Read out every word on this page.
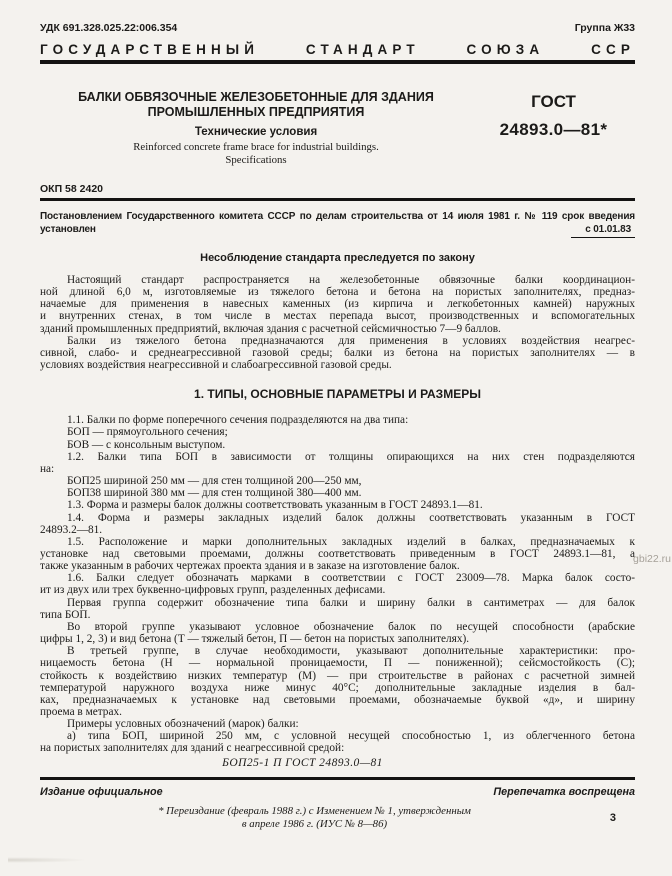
УДК 691.328.025.22:006.354	Группа Ж33
ГОСУДАРСТВЕННЫЙ	СТАНДАРТ	СОЮЗА	ССР
БАЛКИ ОБВЯЗОЧНЫЕ ЖЕЛЕЗОБЕТОННЫЕ ДЛЯ ЗДАНИЯ
ПРОМЫШЛЕННЫХ ПРЕДПРИЯТИЯ
Технические условия
Reinforced concrete frame brace for industrial buildings.
Specifications
ГОСТ
24893.0—81*
ОКП 58 2420
Постановлением Государственного комитета СССР по делам строительства от 14 июля 1981 г. № 119 срок введения
установлен	с 01.01.83
Несоблюдение стандарта преследуется по закону
Настоящий стандарт распространяется на железобетонные обвязочные балки координацион-
ной длиной 6,0 м, изготовляемые из тяжелого бетона и бетона на пористых заполнителях, предназ-
начаемые для применения в навесных каменных (из кирпича и легкобетонных камней) наружных
и внутренних стенах, в том числе в местах перепада высот, производственных и вспомогательных
зданий промышленных предприятий, включая здания с расчетной сейсмичностью 7—9 баллов.
Балки из тяжелого бетона предназначаются для применения в условиях воздействия неагрес-
сивной, слабо- и среднеагрессивной газовой среды; балки из бетона на пористых заполнителях — в
условиях воздействия неагрессивной и слабоагрессивной газовой среды.
1. ТИПЫ, ОСНОВНЫЕ ПАРАМЕТРЫ И РАЗМЕРЫ
1.1. Балки по форме поперечного сечения подразделяются на два типа:
БОП — прямоугольного сечения;
БОВ — с консольным выступом.
1.2. Балки типа БОП в зависимости от толщины опирающихся на них стен подразделяются
на:
БОП25 шириной 250 мм — для стен толщиной 200—250 мм,
БОП38 шириной 380 мм — для стен толщиной 380—400 мм.
1.3. Форма и размеры балок должны соответствовать указанным в ГОСТ 24893.1—81.
1.4. Форма и размеры закладных изделий балок должны соответствовать указанным в ГОСТ
24893.2—81.
1.5. Расположение и марки дополнительных закладных изделий в балках, предназначаемых к
установке над световыми проемами, должны соответствовать приведенным в ГОСТ 24893.1—81, а
также указанным в рабочих чертежах проекта здания и в заказе на изготовление балок.
1.6. Балки следует обозначать марками в соответствии с ГОСТ 23009—78. Марка балок состо-
ит из двух или трех буквенно-цифровых групп, разделенных дефисами.
Первая группа содержит обозначение типа балки и ширину балки в сантиметрах — для балок
типа БОП.
Во второй группе указывают условное обозначение балок по несущей способности (арабские
цифры 1, 2, 3) и вид бетона (Т — тяжелый бетон, П — бетон на пористых заполнителях).
В третьей группе, в случае необходимости, указывают дополнительные характеристики: про-
ницаемость бетона (Н — нормальной проницаемости, П — пониженной); сейсмостойкость (С);
стойкость к воздействию низких температур (М) — при строительстве в районах с расчетной зимней
температурой наружного воздуха ниже минус 40°С; дополнительные закладные изделия в бал-
ках, предназначаемых к установке над световыми проемами, обозначаемые буквой «д», и ширину
проема в метрах.
Примеры условных обозначений (марок) балки:
а) типа БОП, шириной 250 мм, с условной несущей способностью 1, из облегченного бетона
на пористых заполнителях для зданий с неагрессивной средой:
БОП25-1 П ГОСТ 24893.0—81
Издание официальное	Перепечатка воспрещена
* Переиздание (февраль 1988 г.) с Изменением № 1, утвержденным
в апреле 1986 г. (ИУС № 8—86)
3
gbi22.ru
